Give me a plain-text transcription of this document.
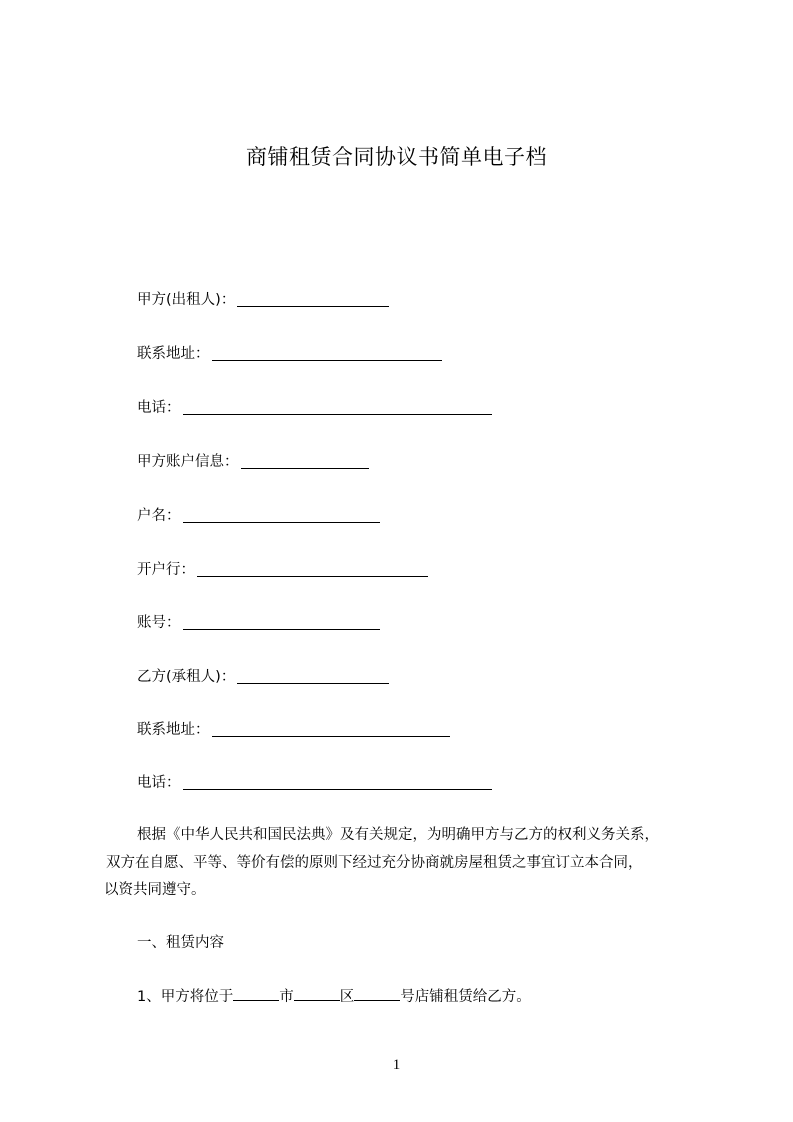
商铺租赁合同协议书简单电子档
甲方(出租人)：
联系地址：
电话：
甲方账户信息：
户名：
开户行：
账号：
乙方(承租人)：
联系地址：
电话：
根据《中华人民共和国民法典》及有关规定，为明确甲方与乙方的权利义务关系，
双方在自愿、平等、等价有偿的原则下经过充分协商就房屋租赁之事宜订立本合同，
以资共同遵守。
一、租赁内容
1、甲方将位于	市	区	号店铺租赁给乙方。
1
